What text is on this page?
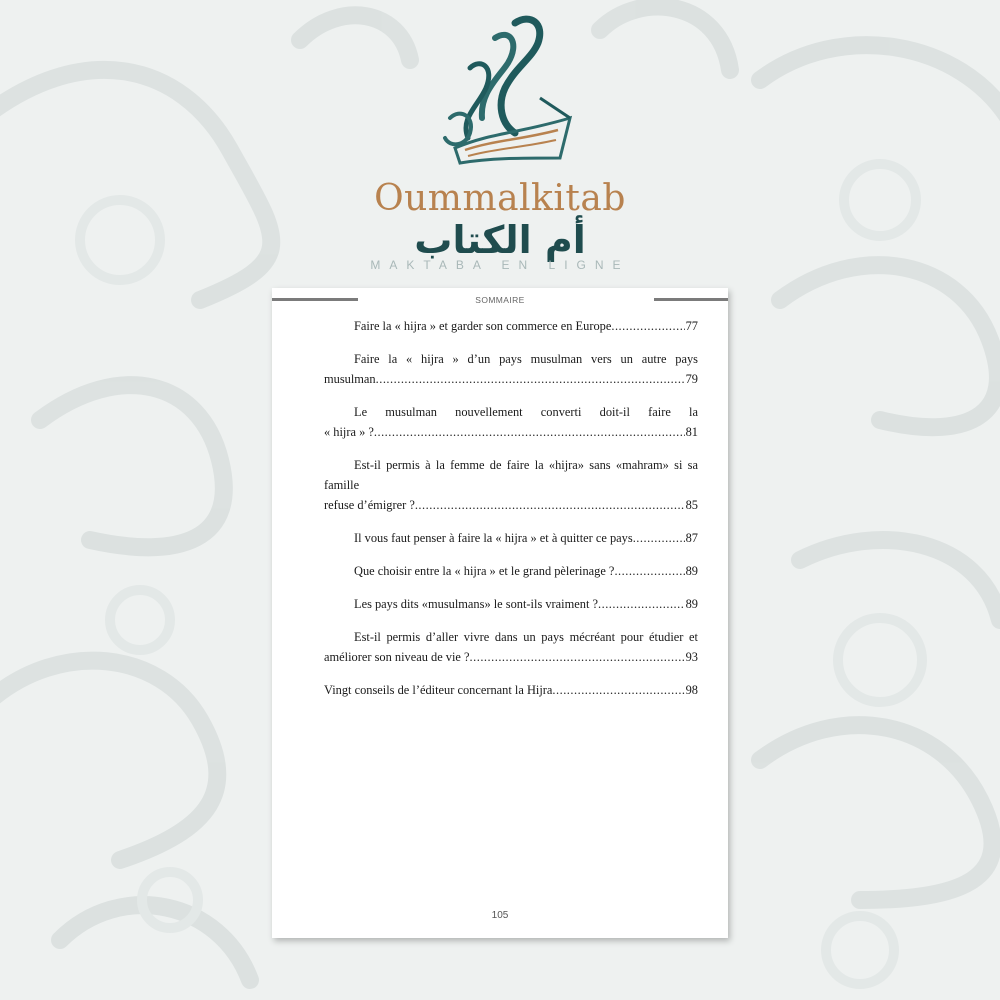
Oummalkitab
أم الكتاب
MAKTABA EN LIGNE
SOMMAIRE
Faire la « hijra » et garder son commerce en Europe .....	77
Faire la « hijra » d’un pays musulman vers un autre pays
musulman .....	79
Le musulman nouvellement converti doit-il faire la
« hijra » ? .....	81
Est-il permis à la femme de faire la «hijra» sans «mahram» si sa famille
refuse d’émigrer ? .....	85
Il vous faut penser à faire la « hijra » et à quitter ce pays .....	87
Que choisir entre la « hijra » et le grand pèlerinage ? .....	89
Les pays dits «musulmans» le sont-ils vraiment ? .....	89
Est-il permis d’aller vivre dans un pays mécréant pour étudier et
améliorer son niveau de vie ? .....	93
Vingt conseils de l’éditeur concernant la Hijra .....	98
105
